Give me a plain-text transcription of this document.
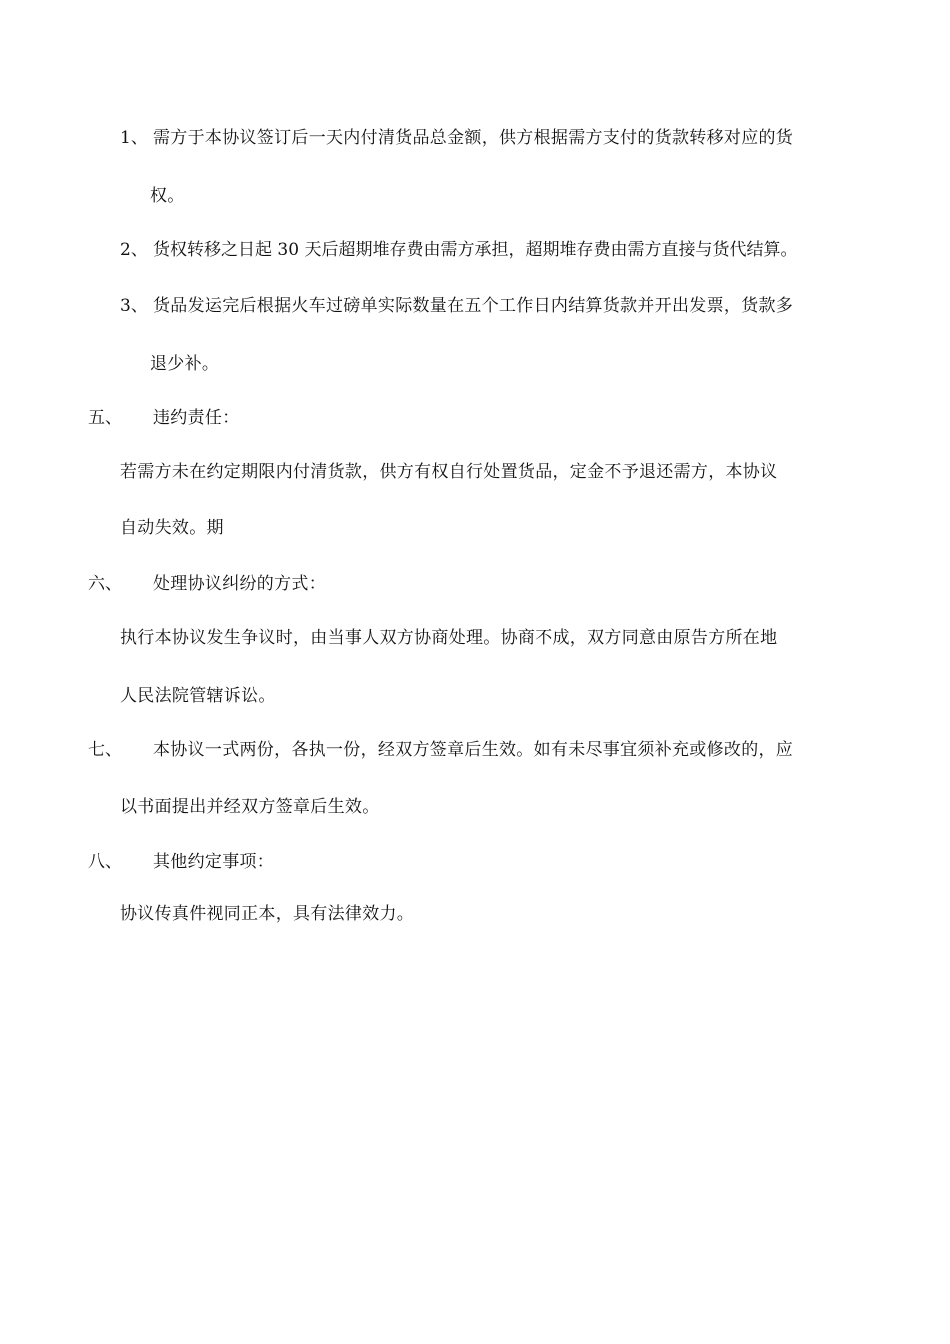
1、 需方于本协议签订后一天内付清货品总金额，供方根据需方支付的货款转移对应的货
权。
2、 货权转移之日起 30 天后超期堆存费由需方承担，超期堆存费由需方直接与货代结算。
3、 货品发运完后根据火车过磅单实际数量在五个工作日内结算货款并开出发票，货款多
退少补。
五、 违约责任：
若需方未在约定期限内付清货款，供方有权自行处置货品，定金不予退还需方，本协议
自动失效。期
六、 处理协议纠纷的方式：
执行本协议发生争议时，由当事人双方协商处理。协商不成，双方同意由原告方所在地
人民法院管辖诉讼。
七、 本协议一式两份，各执一份，经双方签章后生效。如有未尽事宜须补充或修改的，应
以书面提出并经双方签章后生效。
八、 其他约定事项：
协议传真件视同正本，具有法律效力。
